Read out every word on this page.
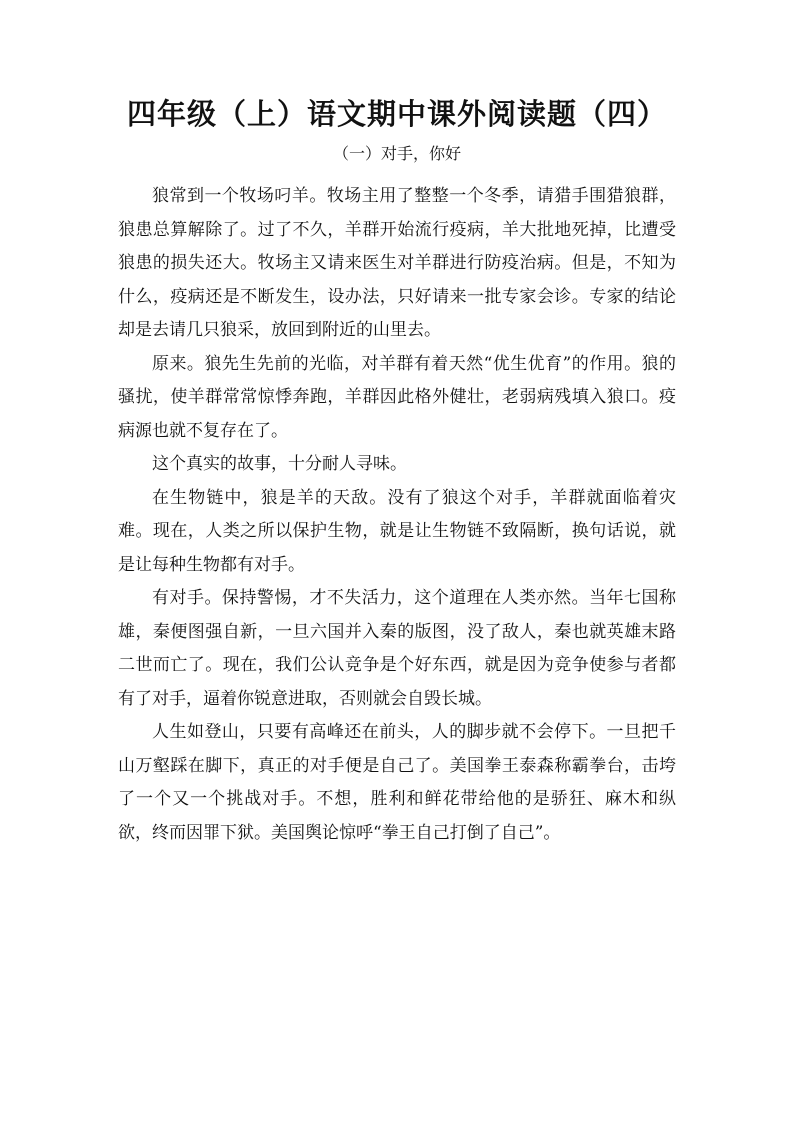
四年级（上）语文期中课外阅读题（四）
（一）对手，你好

狼常到一个牧场叼羊。牧场主用了整整一个冬季，请猎手围猎狼群，狼患总算解除了。过了不久，羊群开始流行疫病，羊大批地死掉，比遭受狼患的损失还大。牧场主又请来医生对羊群进行防疫治病。但是，不知为什么，疫病还是不断发生，设办法，只好请来一批专家会诊。专家的结论却是去请几只狼采，放回到附近的山里去。

原来。狼先生先前的光临，对羊群有着天然“优生优育”的作用。狼的骚扰，使羊群常常惊悸奔跑，羊群因此格外健壮，老弱病残填入狼口。疫病源也就不复存在了。

这个真实的故事，十分耐人寻味。

在生物链中，狼是羊的天敌。没有了狼这个对手，羊群就面临着灾难。现在，人类之所以保护生物，就是让生物链不致隔断，换句话说，就是让每种生物都有对手。

有对手。保持警惕，才不失活力，这个道理在人类亦然。当年七国称雄，秦便图强自新，一旦六国并入秦的版图，没了敌人，秦也就英雄末路二世而亡了。现在，我们公认竞争是个好东西，就是因为竞争使参与者都有了对手，逼着你锐意进取，否则就会自毁长城。

人生如登山，只要有高峰还在前头，人的脚步就不会停下。一旦把千山万壑踩在脚下，真正的对手便是自己了。美国拳王泰森称霸拳台，击垮了一个又一个挑战对手。不想，胜利和鲜花带给他的是骄狂、麻木和纵欲，终而因罪下狱。美国舆论惊呼“拳王自己打倒了自己”。
